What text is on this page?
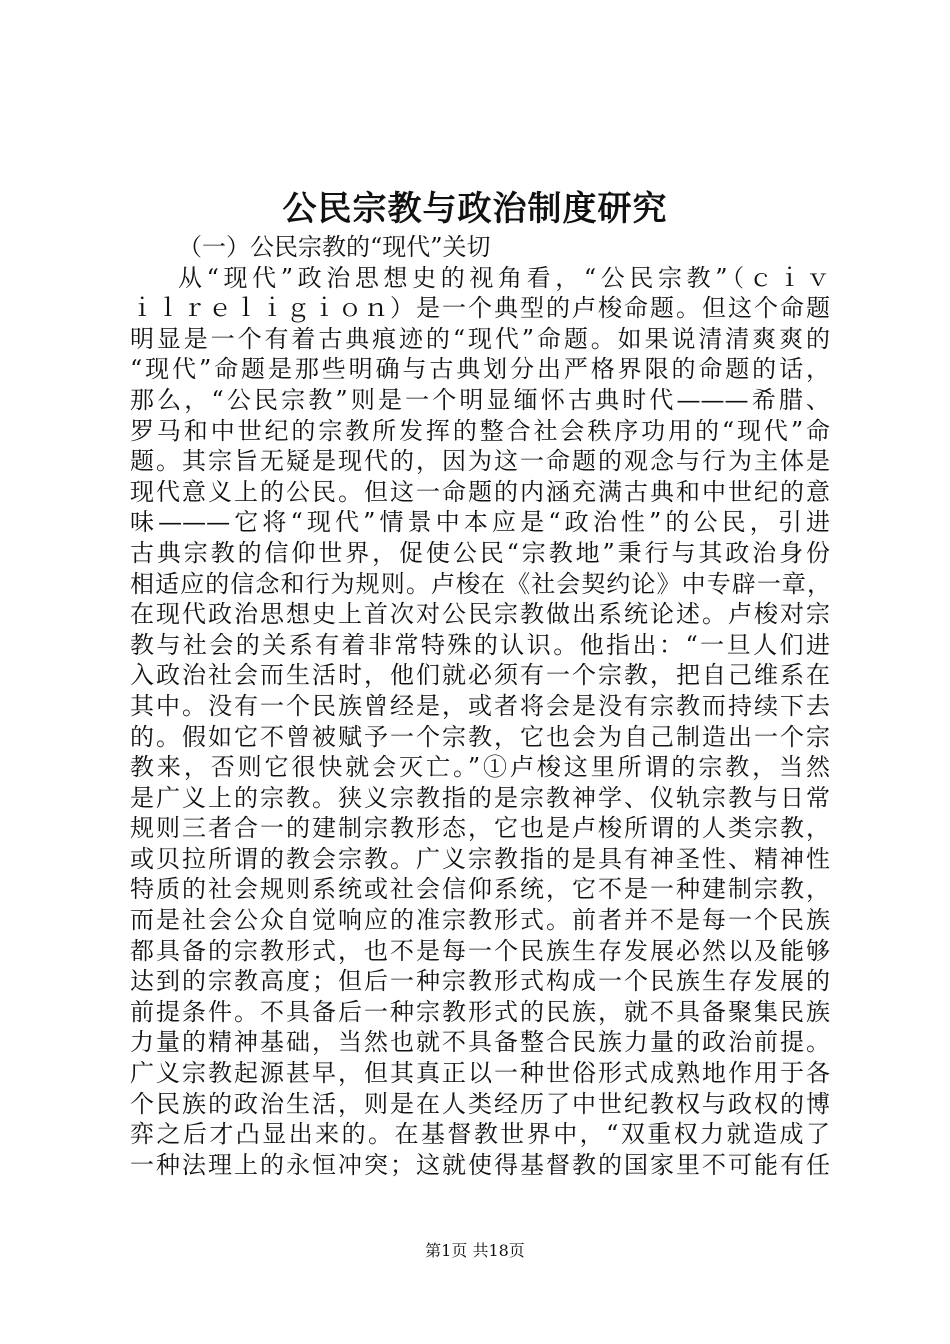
公民宗教与政治制度研究
（一）公民宗教的“现代”关切
从“现代”政治思想史的视角看，“公民宗教”（ｃｉｖ
ｉｌｒｅｌｉｇｉｏｎ）是一个典型的卢梭命题。但这个命题
明显是一个有着古典痕迹的“现代”命题。如果说清清爽爽的
“现代”命题是那些明确与古典划分出严格界限的命题的话，
那么，“公民宗教”则是一个明显缅怀古典时代———希腊、
罗马和中世纪的宗教所发挥的整合社会秩序功用的“现代”命
题。其宗旨无疑是现代的，因为这一命题的观念与行为主体是
现代意义上的公民。但这一命题的内涵充满古典和中世纪的意
味———它将“现代”情景中本应是“政治性”的公民，引进
古典宗教的信仰世界，促使公民“宗教地”秉行与其政治身份
相适应的信念和行为规则。卢梭在《社会契约论》中专辟一章，
在现代政治思想史上首次对公民宗教做出系统论述。卢梭对宗
教与社会的关系有着非常特殊的认识。他指出：“一旦人们进
入政治社会而生活时，他们就必须有一个宗教，把自己维系在
其中。没有一个民族曾经是，或者将会是没有宗教而持续下去
的。假如它不曾被赋予一个宗教，它也会为自己制造出一个宗
教来，否则它很快就会灭亡。”①卢梭这里所谓的宗教，当然
是广义上的宗教。狭义宗教指的是宗教神学、仪轨宗教与日常
规则三者合一的建制宗教形态，它也是卢梭所谓的人类宗教，
或贝拉所谓的教会宗教。广义宗教指的是具有神圣性、精神性
特质的社会规则系统或社会信仰系统，它不是一种建制宗教，
而是社会公众自觉响应的准宗教形式。前者并不是每一个民族
都具备的宗教形式，也不是每一个民族生存发展必然以及能够
达到的宗教高度；但后一种宗教形式构成一个民族生存发展的
前提条件。不具备后一种宗教形式的民族，就不具备聚集民族
力量的精神基础，当然也就不具备整合民族力量的政治前提。
广义宗教起源甚早，但其真正以一种世俗形式成熟地作用于各
个民族的政治生活，则是在人类经历了中世纪教权与政权的博
弈之后才凸显出来的。在基督教世界中，“双重权力就造成了
一种法理上的永恒冲突；这就使得基督教的国家里不可能有任
第1页 共18页
